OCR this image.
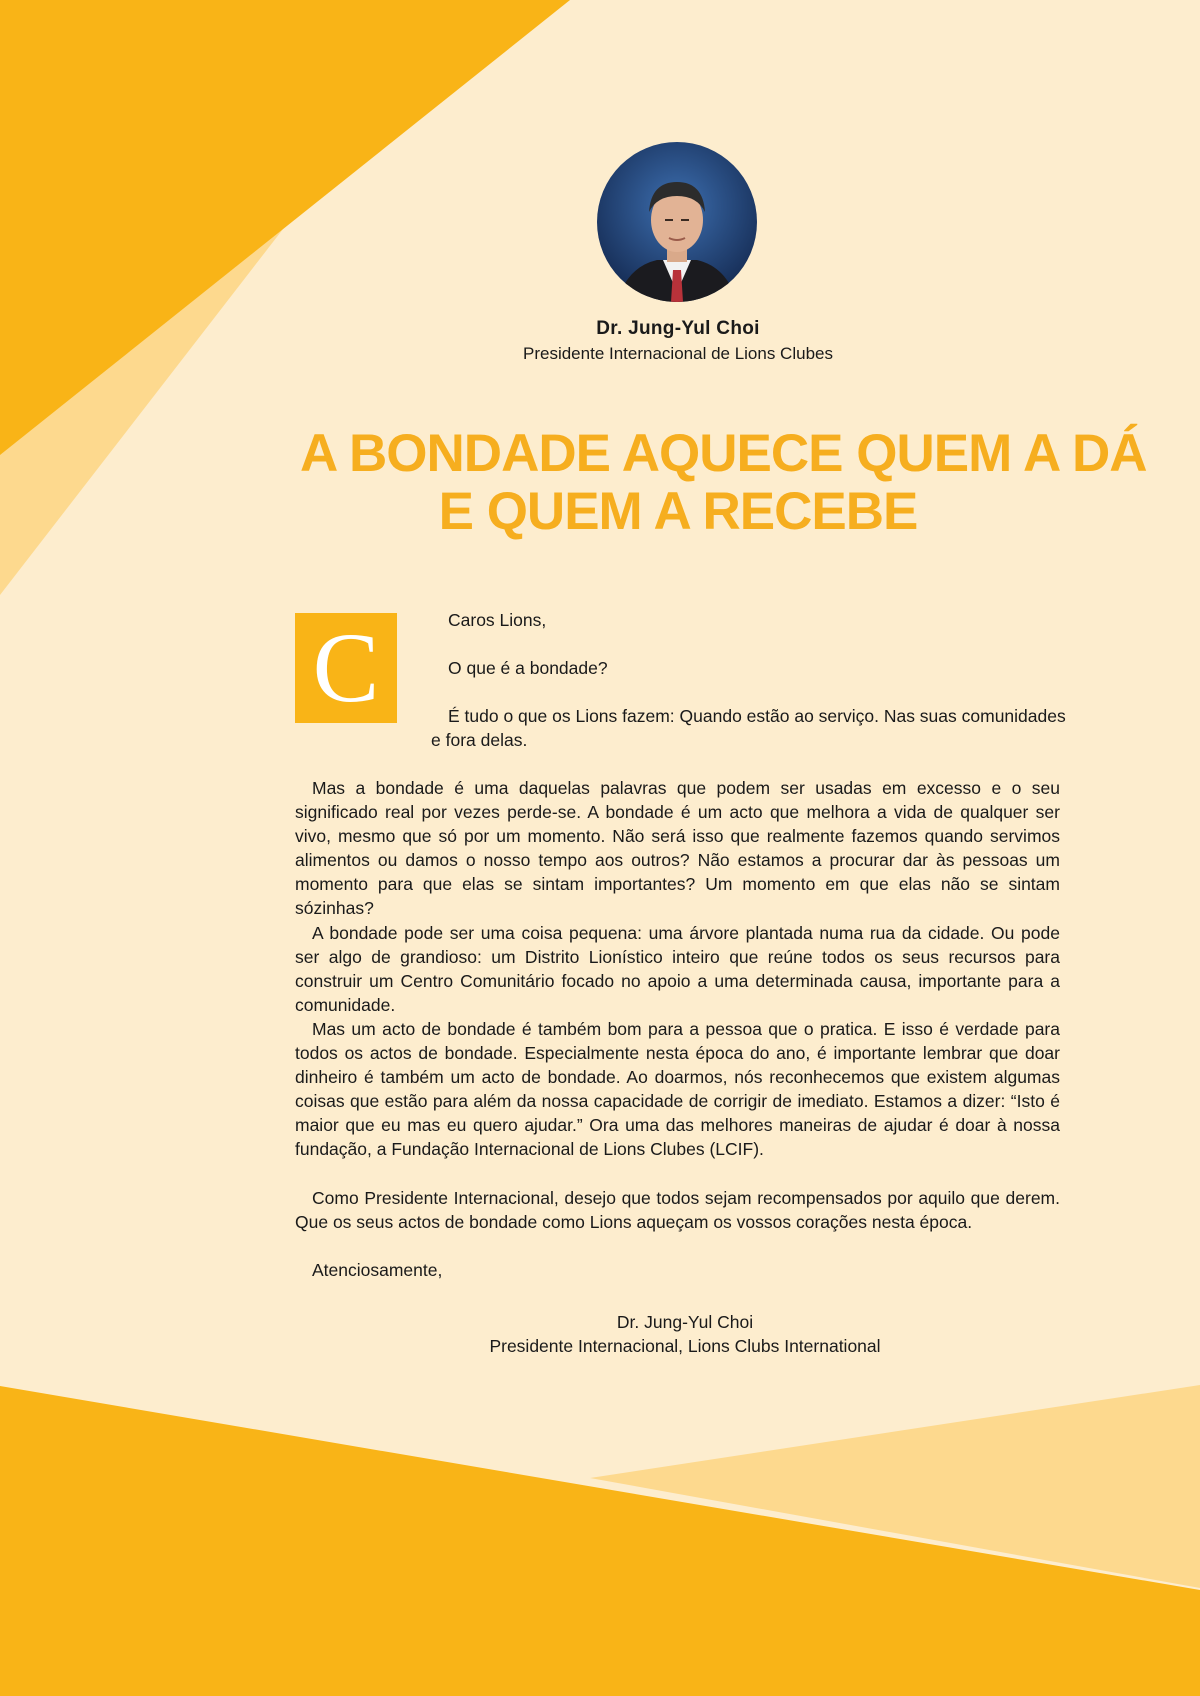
Dr. Jung-Yul Choi
Presidente Internacional de Lions Clubes
A BONDADE AQUECE QUEM A DÁ
E QUEM A RECEBE
C	Caros Lions,
O que é a bondade?
É tudo o que os Lions fazem: Quando estão ao serviço. Nas suas comunidades
e fora delas.
Mas a bondade é uma daquelas palavras que podem ser usadas em excesso e o seu significado real por vezes perde-se. A bondade é um acto que melhora a vida de qualquer ser vivo, mesmo que só por um momento. Não será isso que realmente fazemos quando servimos alimentos ou damos o nosso tempo aos outros? Não estamos a procurar dar às pessoas um momento para que elas se sintam importantes? Um momento em que elas não se sintam sózinhas?
A bondade pode ser uma coisa pequena: uma árvore plantada numa rua da cidade. Ou pode ser algo de grandioso: um Distrito Lionístico inteiro que reúne todos os seus recursos para construir um Centro Comunitário focado no apoio a uma determinada causa, importante para a comunidade.
Mas um acto de bondade é também bom para a pessoa que o pratica. E isso é verdade para todos os actos de bondade. Especialmente nesta época do ano, é importante lembrar que doar dinheiro é também um acto de bondade. Ao doarmos, nós reconhecemos que existem algumas coisas que estão para além da nossa capacidade de corrigir de imediato. Estamos a dizer: “Isto é maior que eu mas eu quero ajudar.” Ora uma das melhores maneiras de ajudar é doar à nossa fundação, a Fundação Internacional de Lions Clubes (LCIF).
Como Presidente Internacional, desejo que todos sejam recompensados por aquilo que derem. Que os seus actos de bondade como Lions aqueçam os vossos corações nesta época.
Atenciosamente,
Dr. Jung-Yul Choi
Presidente Internacional, Lions Clubs International
